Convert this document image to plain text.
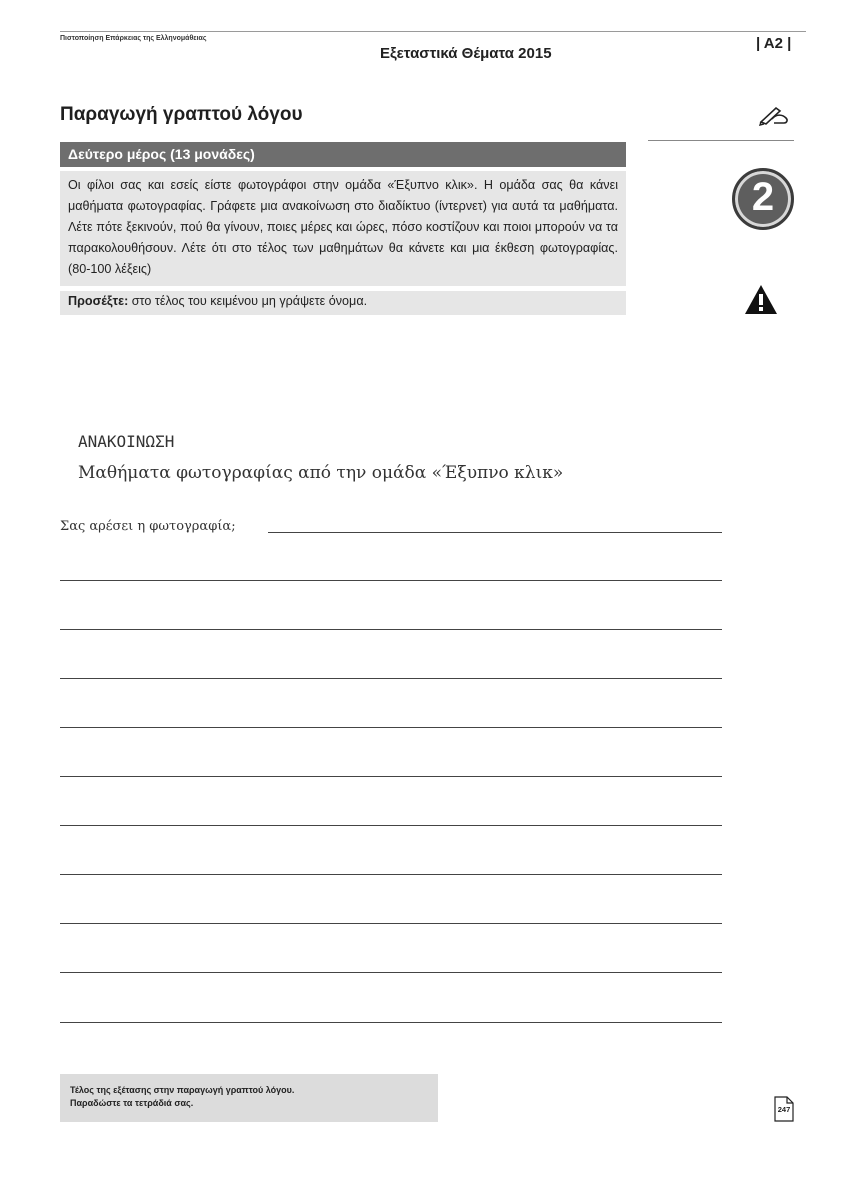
Πιστοποίηση Επάρκειας της Ελληνομάθειας
Εξεταστικά Θέματα 2015
| A2 |
Παραγωγή γραπτού λόγου
Δεύτερο μέρος (13 μονάδες)
Οι φίλοι σας και εσείς είστε φωτογράφοι στην ομάδα «Έξυπνο κλικ». Η ομάδα σας θα κάνει μαθήματα φωτογραφίας. Γράφετε μια ανακοίνωση στο διαδίκτυο (ίντερνετ) για αυτά τα μαθήματα. Λέτε πότε ξεκινούν, πού θα γίνουν, ποιες μέρες και ώρες, πόσο κοστίζουν και ποιοι μπορούν να τα παρακολουθήσουν. Λέτε ότι στο τέλος των μαθημάτων θα κάνετε και μια έκθεση φωτογραφίας. (80-100 λέξεις)
Προσέξτε: στο τέλος του κειμένου μη γράψετε όνομα.
2
ΑΝΑΚΟΙΝΩΣΗ
Μαθήματα φωτογραφίας από την ομάδα «Έξυπνο κλικ»
Σας αρέσει η φωτογραφία;
Τέλος της εξέτασης στην παραγωγή γραπτού λόγου.
Παραδώστε τα τετράδιά σας.
247
